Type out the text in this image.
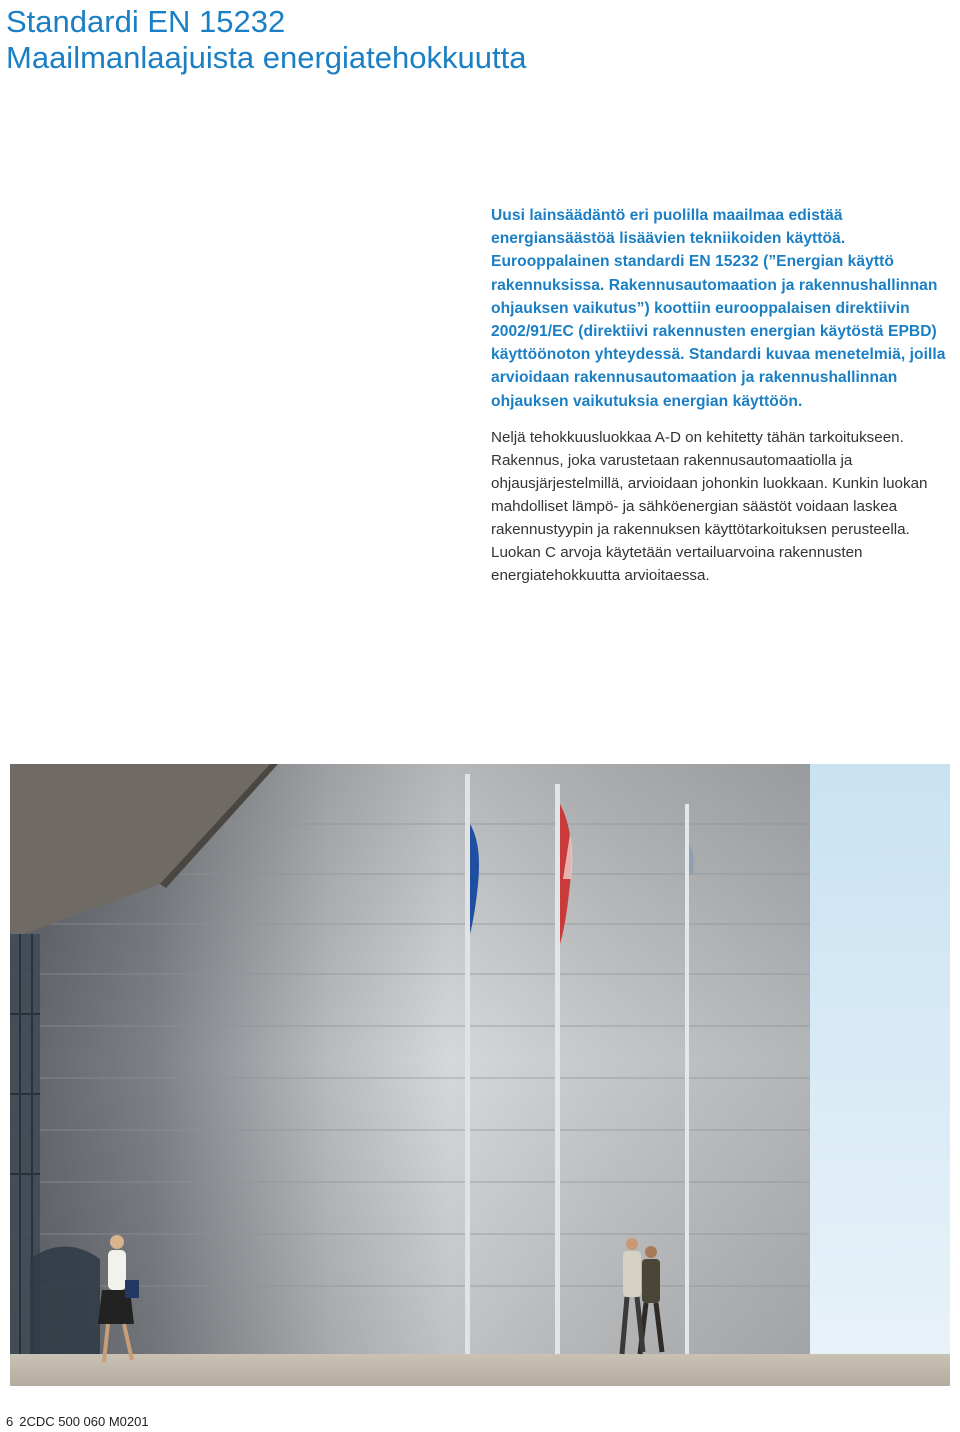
Standardi EN 15232
Maailmanlaajuista energiatehokkuutta

Uusi lainsäädäntö eri puolilla maailmaa edistää energiansäästöä lisäävien tekniikoiden käyttöä. Eurooppalainen standardi EN 15232 (”Energian käyttö rakennuksissa. Rakennusautomaation ja rakennushallinnan ohjauksen vaikutus”) koottiin eurooppalaisen direktiivin 2002/91/EC (direktiivi rakennusten energian käytöstä EPBD) käyttöönoton yhteydessä. Standardi kuvaa menetelmiä, joilla arvioidaan rakennusautomaation ja rakennushallinnan ohjauksen vaikutuksia energian käyttöön.

Neljä tehokkuusluokkaa A-D on kehitetty tähän tarkoitukseen. Rakennus, joka varustetaan rakennusautomaatiolla ja ohjausjärjestelmillä, arvioidaan johonkin luokkaan. Kunkin luokan mahdolliset lämpö- ja sähköenergian säästöt voidaan laskea rakennustyypin ja rakennuksen käyttötarkoituksen perusteella. Luokan C arvoja käytetään vertailuarvoina rakennusten energiatehokkuutta arvioitaessa.

6 2CDC 500 060 M0201
